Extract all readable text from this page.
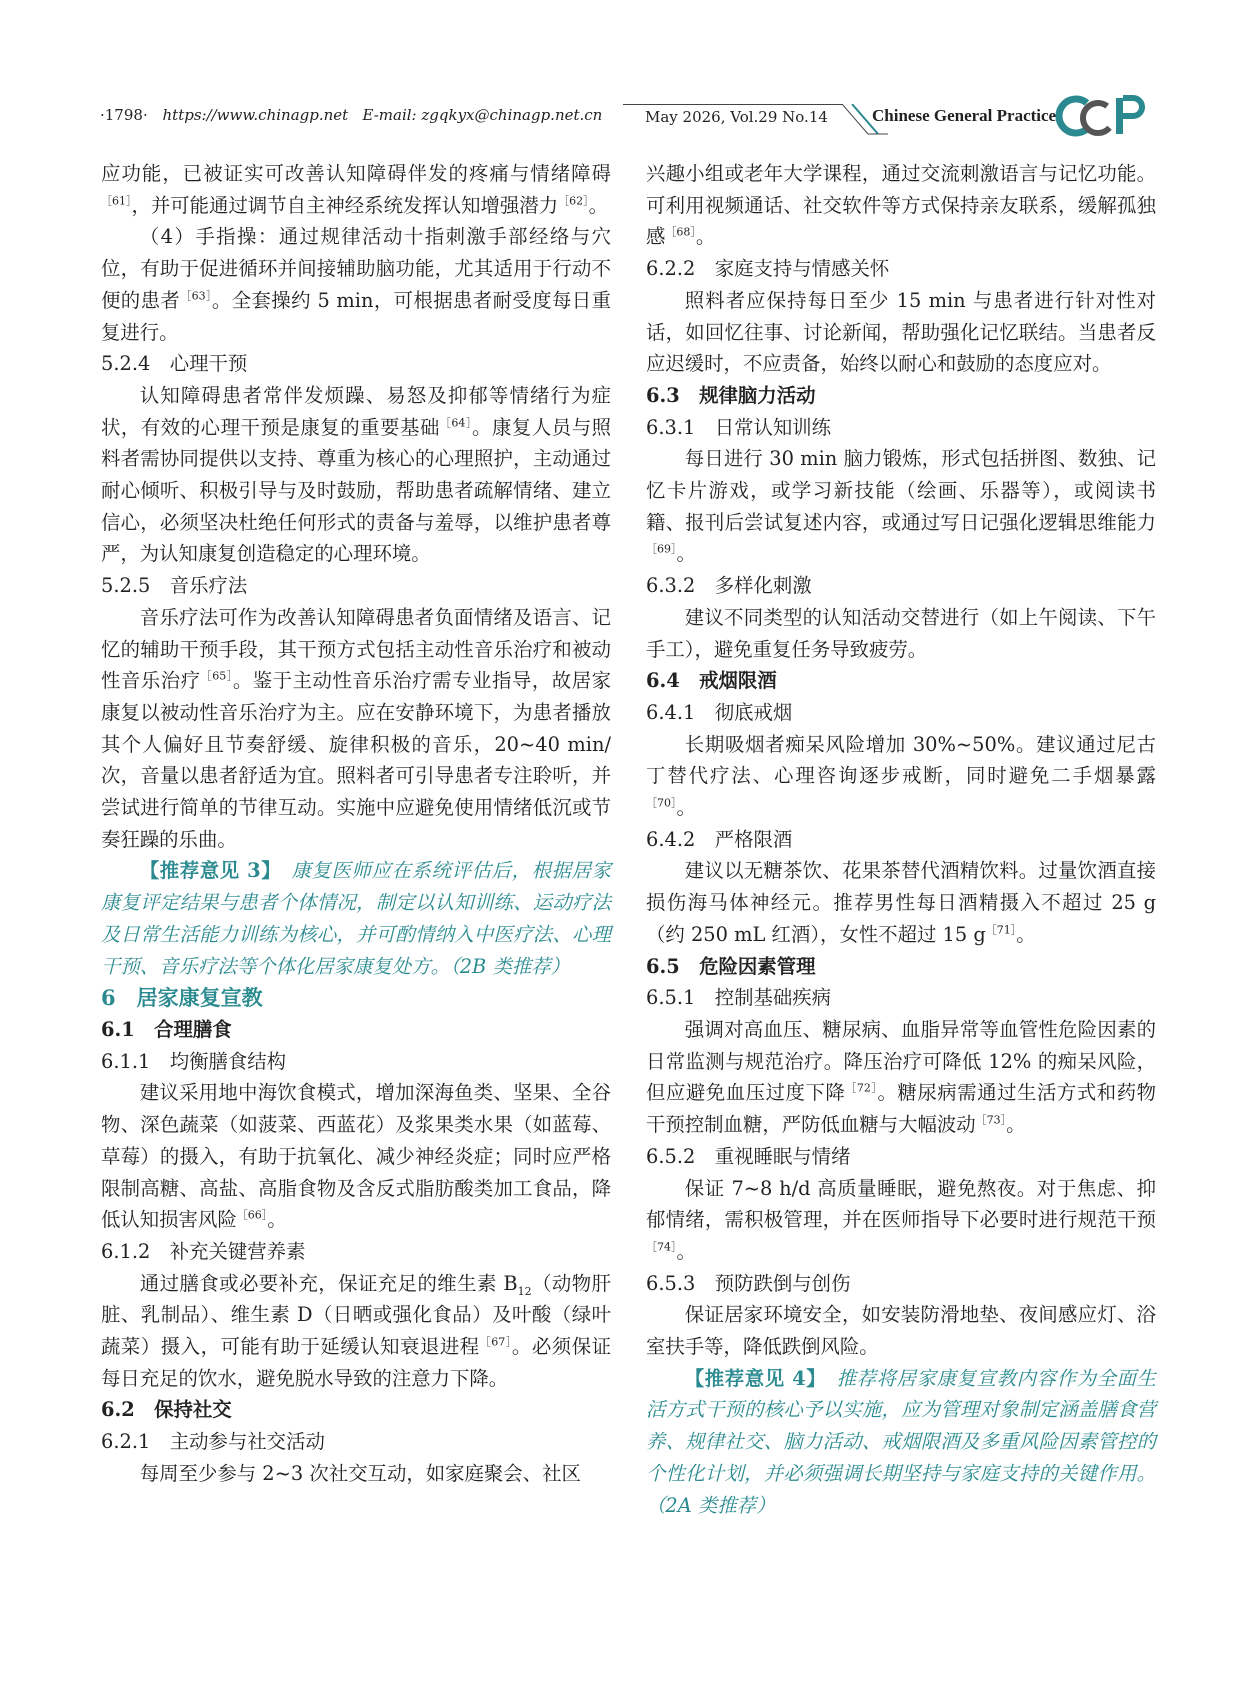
·1798· https://www.chinagp.net E-mail: zgqkyx@chinagp.net.cn	May 2026, Vol.29 No.14	Chinese General Practice

应功能，已被证实可改善认知障碍伴发的疼痛与情绪障碍$^{[61]}$，并可能通过调节自主神经系统发挥认知增强潜力$^{[62]}$。

（4）手指操：通过规律活动十指刺激手部经络与穴位，有助于促进循环并间接辅助脑功能，尤其适用于行动不便的患者$^{[63]}$。全套操约 5 min，可根据患者耐受度每日重复进行。

5.2.4　心理干预

认知障碍患者常伴发烦躁、易怒及抑郁等情绪行为症状，有效的心理干预是康复的重要基础$^{[64]}$。康复人员与照料者需协同提供以支持、尊重为核心的心理照护，主动通过耐心倾听、积极引导与及时鼓励，帮助患者疏解情绪、建立信心，必须坚决杜绝任何形式的责备与羞辱，以维护患者尊严，为认知康复创造稳定的心理环境。

5.2.5　音乐疗法

音乐疗法可作为改善认知障碍患者负面情绪及语言、记忆的辅助干预手段，其干预方式包括主动性音乐治疗和被动性音乐治疗$^{[65]}$。鉴于主动性音乐治疗需专业指导，故居家康复以被动性音乐治疗为主。应在安静环境下，为患者播放其个人偏好且节奏舒缓、旋律积极的音乐，20~40 min/ 次，音量以患者舒适为宜。照料者可引导患者专注聆听，并尝试进行简单的节律互动。实施中应避免使用情绪低沉或节奏狂躁的乐曲。

【推荐意见 3】　康复医师应在系统评估后，根据居家康复评定结果与患者个体情况，制定以认知训练、运动疗法及日常生活能力训练为核心，并可酌情纳入中医疗法、心理干预、音乐疗法等个体化居家康复处方。（2B 类推荐）

6　居家康复宣教

6.1　合理膳食

6.1.1　均衡膳食结构

建议采用地中海饮食模式，增加深海鱼类、坚果、全谷物、深色蔬菜（如菠菜、西蓝花）及浆果类水果（如蓝莓、草莓）的摄入，有助于抗氧化、减少神经炎症；同时应严格限制高糖、高盐、高脂食物及含反式脂肪酸类加工食品，降低认知损害风险$^{[66]}$。

6.1.2　补充关键营养素

通过膳食或必要补充，保证充足的维生素 $B_{12}$（动物肝脏、乳制品）、维生素 D（日晒或强化食品）及叶酸（绿叶蔬菜）摄入，可能有助于延缓认知衰退进程$^{[67]}$。必须保证每日充足的饮水，避免脱水导致的注意力下降。

6.2　保持社交

6.2.1　主动参与社交活动

每周至少参与 2~3 次社交互动，如家庭聚会、社区

兴趣小组或老年大学课程，通过交流刺激语言与记忆功能。可利用视频通话、社交软件等方式保持亲友联系，缓解孤独感$^{[68]}$。

6.2.2　家庭支持与情感关怀

照料者应保持每日至少 15 min 与患者进行针对性对话，如回忆往事、讨论新闻，帮助强化记忆联结。当患者反应迟缓时，不应责备，始终以耐心和鼓励的态度应对。

6.3　规律脑力活动

6.3.1　日常认知训练

每日进行 30 min 脑力锻炼，形式包括拼图、数独、记忆卡片游戏，或学习新技能（绘画、乐器等），或阅读书籍、报刊后尝试复述内容，或通过写日记强化逻辑思维能力$^{[69]}$。

6.3.2　多样化刺激

建议不同类型的认知活动交替进行（如上午阅读、下午手工），避免重复任务导致疲劳。

6.4　戒烟限酒

6.4.1　彻底戒烟

长期吸烟者痴呆风险增加 30%~50%。建议通过尼古丁替代疗法、心理咨询逐步戒断，同时避免二手烟暴露$^{[70]}$。

6.4.2　严格限酒

建议以无糖茶饮、花果茶替代酒精饮料。过量饮酒直接损伤海马体神经元。推荐男性每日酒精摄入不超过 25 g（约 250 mL 红酒），女性不超过 15 $g^{[71]}$。

6.5　危险因素管理

6.5.1　控制基础疾病

强调对高血压、糖尿病、血脂异常等血管性危险因素的日常监测与规范治疗。降压治疗可降低 12% 的痴呆风险，但应避免血压过度下降$^{[72]}$。糖尿病需通过生活方式和药物干预控制血糖，严防低血糖与大幅波动$^{[73]}$。

6.5.2　重视睡眠与情绪

保证 7~8 h/d 高质量睡眠，避免熬夜。对于焦虑、抑郁情绪，需积极管理，并在医师指导下必要时进行规范干预$^{[74]}$。

6.5.3　预防跌倒与创伤

保证居家环境安全，如安装防滑地垫、夜间感应灯、浴室扶手等，降低跌倒风险。

【推荐意见 4】　推荐将居家康复宣教内容作为全面生活方式干预的核心予以实施，应为管理对象制定涵盖膳食营养、规律社交、脑力活动、戒烟限酒及多重风险因素管控的个性化计划，并必须强调长期坚持与家庭支持的关键作用。（2A 类推荐）
